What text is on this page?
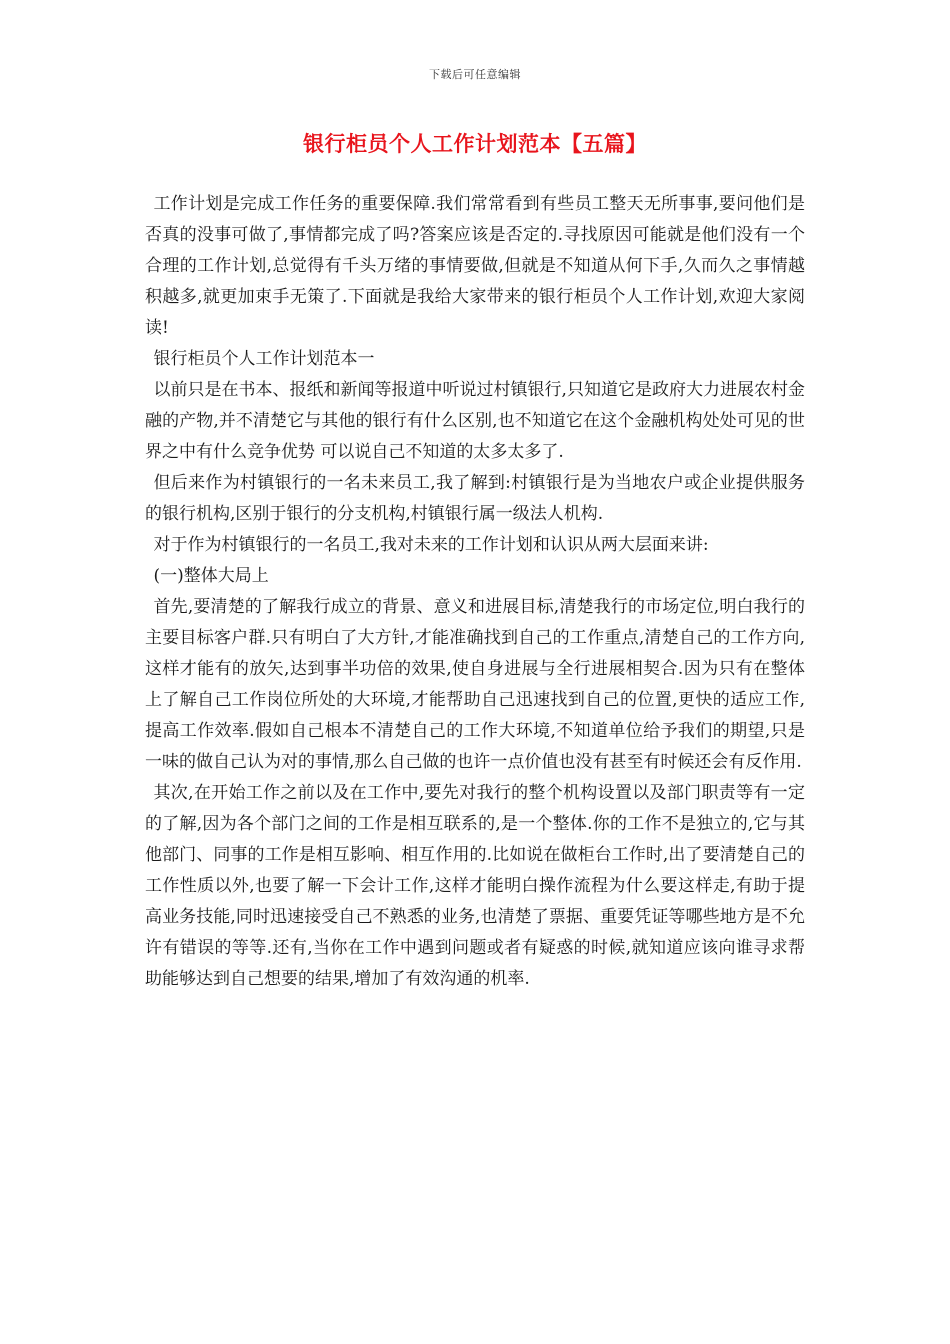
下载后可任意编辑
银行柜员个人工作计划范本【五篇】

工作计划是完成工作任务的重要保障.我们常常看到有些员工整天无所事事,要问他们是否真的没事可做了,事情都完成了吗?答案应该是否定的.寻找原因可能就是他们没有一个合理的工作计划,总觉得有千头万绪的事情要做,但就是不知道从何下手,久而久之事情越积越多,就更加束手无策了.下面就是我给大家带来的银行柜员个人工作计划,欢迎大家阅读!

银行柜员个人工作计划范本一

以前只是在书本、报纸和新闻等报道中听说过村镇银行,只知道它是政府大力进展农村金融的产物,并不清楚它与其他的银行有什么区别,也不知道它在这个金融机构处处可见的世界之中有什么竞争优势 可以说自己不知道的太多太多了.

但后来作为村镇银行的一名未来员工,我了解到:村镇银行是为当地农户或企业提供服务的银行机构,区别于银行的分支机构,村镇银行属一级法人机构.

对于作为村镇银行的一名员工,我对未来的工作计划和认识从两大层面来讲:

(一)整体大局上

首先,要清楚的了解我行成立的背景、意义和进展目标,清楚我行的市场定位,明白我行的主要目标客户群.只有明白了大方针,才能准确找到自己的工作重点,清楚自己的工作方向,这样才能有的放矢,达到事半功倍的效果,使自身进展与全行进展相契合.因为只有在整体上了解自己工作岗位所处的大环境,才能帮助自己迅速找到自己的位置,更快的适应工作,提高工作效率.假如自己根本不清楚自己的工作大环境,不知道单位给予我们的期望,只是一味的做自己认为对的事情,那么自己做的也许一点价值也没有甚至有时候还会有反作用.

其次,在开始工作之前以及在工作中,要先对我行的整个机构设置以及部门职责等有一定的了解,因为各个部门之间的工作是相互联系的,是一个整体.你的工作不是独立的,它与其他部门、同事的工作是相互影响、相互作用的.比如说在做柜台工作时,出了要清楚自己的工作性质以外,也要了解一下会计工作,这样才能明白操作流程为什么要这样走,有助于提高业务技能,同时迅速接受自己不熟悉的业务,也清楚了票据、重要凭证等哪些地方是不允许有错误的等等.还有,当你在工作中遇到问题或者有疑惑的时候,就知道应该向谁寻求帮助能够达到自己想要的结果,增加了有效沟通的机率.
